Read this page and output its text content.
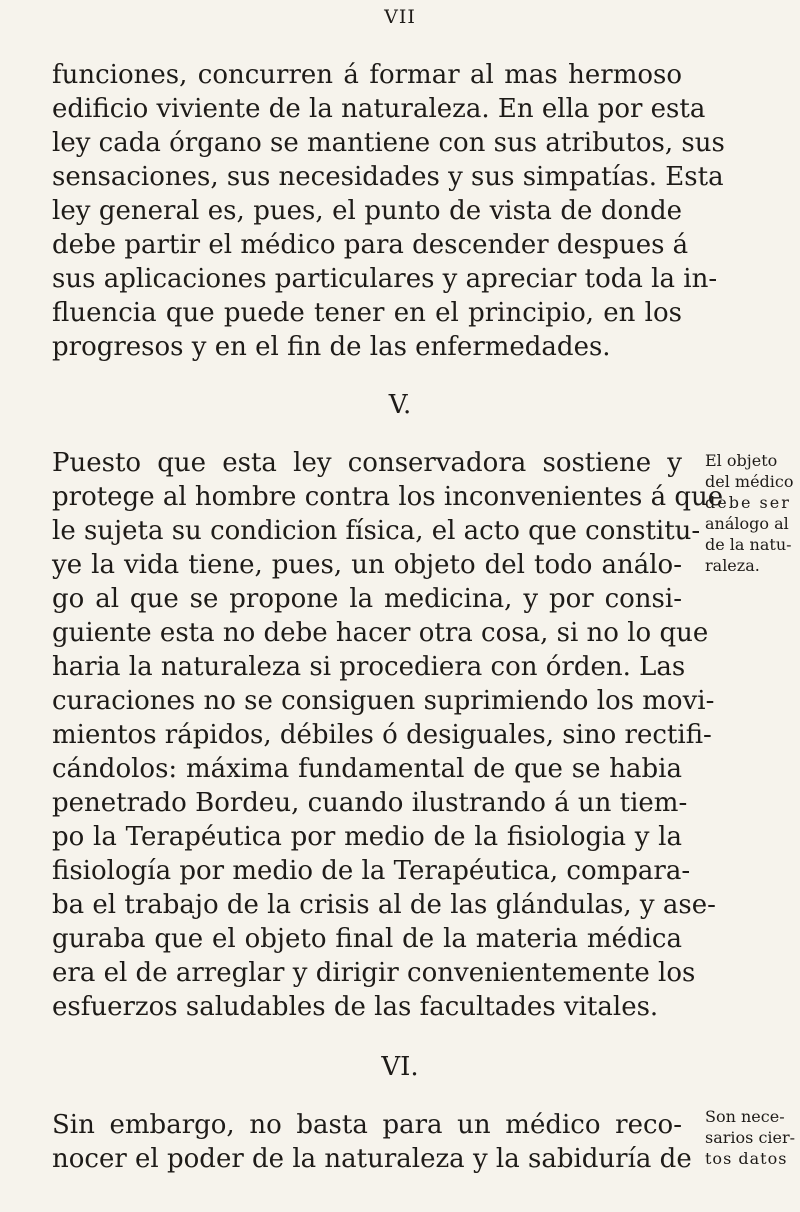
VII
funciones, concurren á formar al mas hermoso
edificio viviente de la naturaleza. En ella por esta
ley cada órgano se mantiene con sus atributos, sus
sensaciones, sus necesidades y sus simpatías. Esta
ley general es, pues, el punto de vista de donde
debe partir el médico para descender despues á
sus aplicaciones particulares y apreciar toda la in-
fluencia que puede tener en el principio, en los
progresos y en el fin de las enfermedades.
V.
Puesto que esta ley conservadora sostiene y
protege al hombre contra los inconvenientes á que
le sujeta su condicion física, el acto que constitu-
ye la vida tiene, pues, un objeto del todo análo-
go al que se propone la medicina, y por consi-
guiente esta no debe hacer otra cosa, si no lo que
haria la naturaleza si procediera con órden. Las
curaciones no se consiguen suprimiendo los movi-
mientos rápidos, débiles ó desiguales, sino rectifi-
cándolos: máxima fundamental de que se habia
penetrado Bordeu, cuando ilustrando á un tiem-
po la Terapéutica por medio de la fisiologia y la
fisiología por medio de la Terapéutica, compara-
ba el trabajo de la crisis al de las glándulas, y ase-
guraba que el objeto final de la materia médica
era el de arreglar y dirigir convenientemente los
esfuerzos saludables de las facultades vitales.
El objeto
del médico
debe ser
análogo al
de la natu-
raleza.
VI.
Sin embargo, no basta para un médico reco-
nocer el poder de la naturaleza y la sabiduría de
Son nece-
sarios cier-
tos datos
